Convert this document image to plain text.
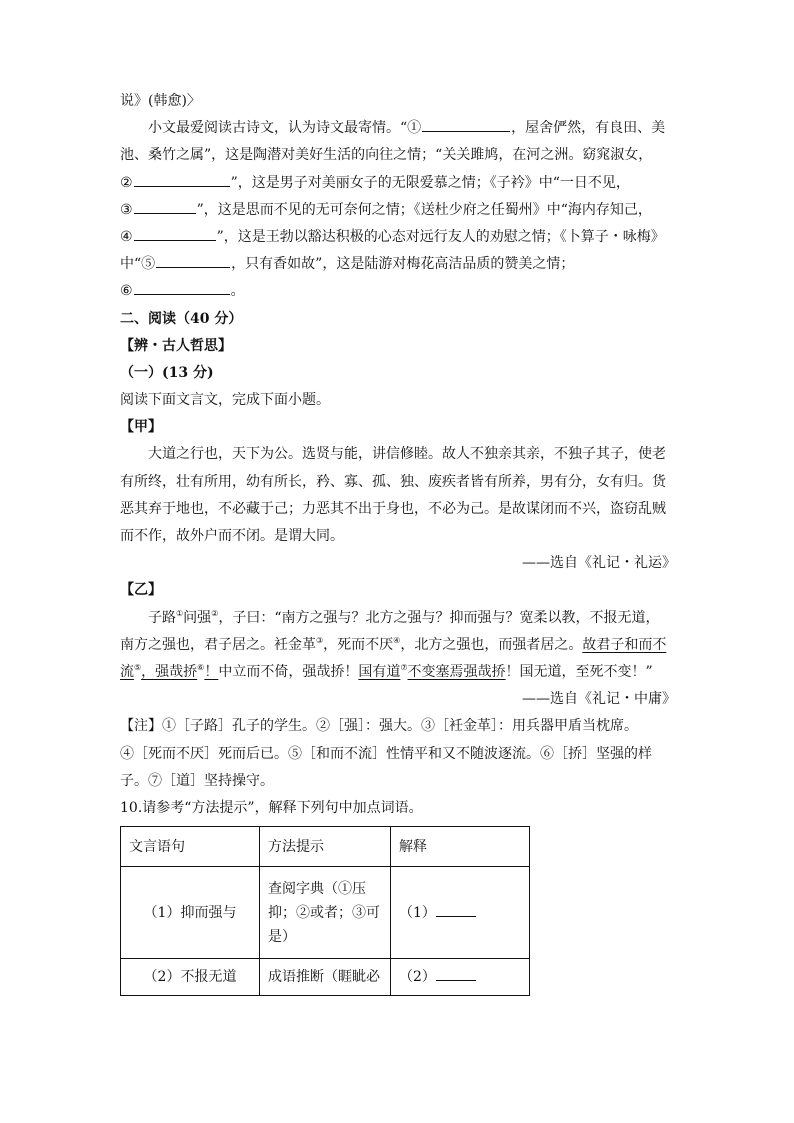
说》(韩愈)〉
小文最爱阅读古诗文，认为诗文最寄情。“①	，屋舍俨然，有良田、美
池、桑竹之属”，这是陶潜对美好生活的向往之情；“关关雎鸠，在河之洲。窈窕淑女，
②	”，这是男子对美丽女子的无限爱慕之情；《子衿》中“一日不见，
③	”，这是思而不见的无可奈何之情；《送杜少府之任蜀州》中“海内存知己，
④	”，这是王勃以豁达积极的心态对远行友人的劝慰之情；《卜算子・咏梅》
中“⑤	，只有香如故”，这是陆游对梅花高洁品质的赞美之情；
⑥	。
二、阅读（40 分）
【辨・古人哲思】
（一）(13 分)
阅读下面文言文，完成下面小题。
【甲】
大道之行也，天下为公。选贤与能，讲信修睦。故人不独亲其亲，不独子其子，使老
有所终，壮有所用，幼有所长，矜、寡、孤、独、废疾者皆有所养，男有分，女有归。货
恶其弃于地也，不必藏于己；力恶其不出于身也，不必为己。是故谋闭而不兴，盗窃乱贼
而不作，故外户而不闭。是谓大同。
——选自《礼记・礼运》
【乙】
子路①问强②，子曰：“南方之强与？北方之强与？抑而强与？宽柔以教，不报无道，
南方之强也，君子居之。衽金革③，死而不厌④，北方之强也，而强者居之。故君子和而不
流⑤，强哉挢⑥！中立而不倚，强哉挢！国有道⑦不变塞焉强哉挢！国无道，至死不变！”
——选自《礼记・中庸》
【注】①［子路］孔子的学生。②［强］：强大。③［衽金革］：用兵器甲盾当枕席。
④［死而不厌］死而后已。⑤［和而不流］性情平和又不随波逐流。⑥［挢］坚强的样
子。⑦［道］坚持操守。
10.请参考“方法提示”，解释下列句中加点词语。
文言语句	方法提示	解释
（1）抑而强与	查阅字典（①压抑；②或者；③可是）	（1）
（2）不报无道	成语推断（睚眦必	（2）
